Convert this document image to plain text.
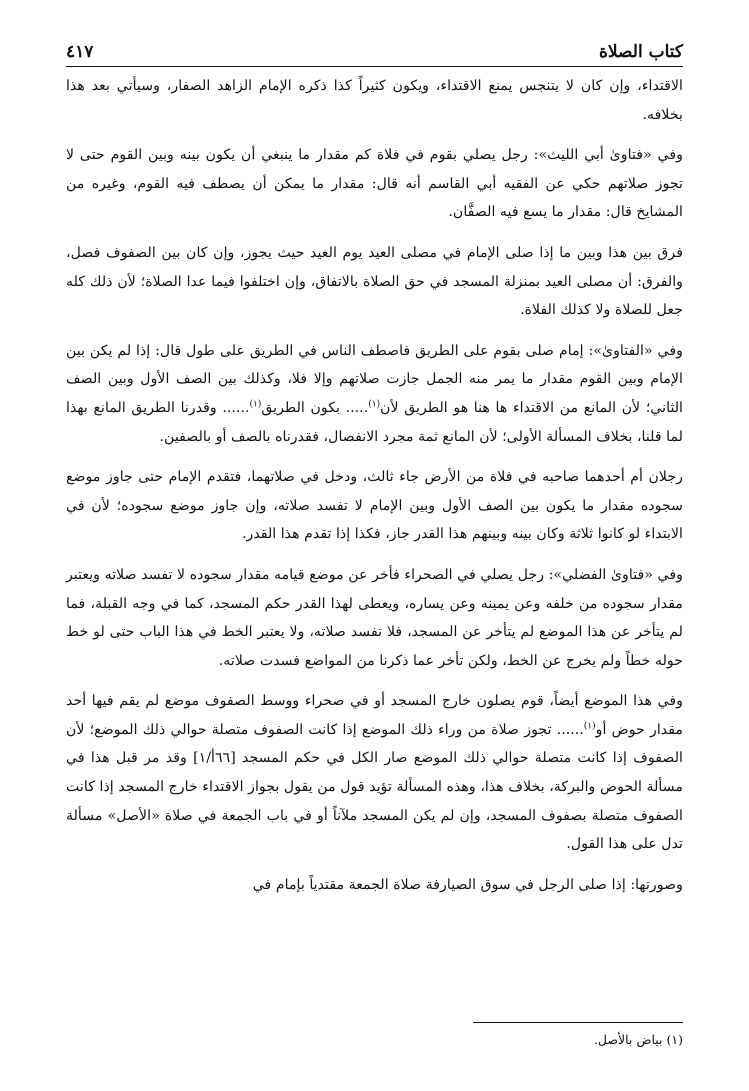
كتاب الصلاة
٤١٧

الاقتداء، وإن كان لا يتنجس يمنع الاقتداء، ويكون كثيراً كذا ذكره الإمام الزاهد الصفار، وسيأتي بعد هذا بخلافه.

وفي «فتاوىٰ أبي الليث»: رجل يصلي بقوم في فلاة كم مقدار ما ينبغي أن يكون بينه وبين القوم حتى لا تجوز صلاتهم حكي عن الفقيه أبي القاسم أنه قال: مقدار ما يمكن أن يصطف فيه القوم، وغيره من المشايخ قال: مقدار ما يسع فيه الصفَّان.

فرق بين هذا وبين ما إذا صلى الإمام في مصلى العيد يوم العيد حيث يجوز، وإن كان بين الصفوف فصل، والفرق: أن مصلى العيد بمنزلة المسجد في حق الصلاة بالاتفاق، وإن اختلفوا فيما عدا الصلاة؛ لأن ذلك كله جعل للصلاة ولا كذلك الفلاة.

وفي «الفتاوىٰ»: إمام صلى بقوم على الطريق فاصطف الناس في الطريق على طول قال: إذا لم يكن بين الإمام وبين القوم مقدار ما يمر منه الجمل جازت صلاتهم وإلا فلا، وكذلك بين الصف الأول وبين الصف الثاني؛ لأن المانع من الاقتداء ها هنا هو الطريق لأن$^{(١)}$..... بكون الطريق$^{(١)}$...... وقدرنا الطريق المانع بهذا لما قلنا، بخلاف المسألة الأولى؛ لأن المانع ثمة مجرد الانفصال، فقدرناه بالصف أو بالصفين.

رجلان أم أحدهما صاحبه في فلاة من الأرض جاء ثالث، ودخل في صلاتهما، فتقدم الإمام حتى جاوز موضع سجوده مقدار ما يكون بين الصف الأول وبين الإمام لا تفسد صلاته، وإن جاوز موضع سجوده؛ لأن في الابتداء لو كانوا ثلاثة وكان بينه وبينهم هذا القدر جاز، فكذا إذا تقدم هذا القدر.

وفي «فتاوىٰ الفضلي»: رجل يصلي في الصحراء فأخر عن موضع قيامه مقدار سجوده لا تفسد صلاته ويعتبر مقدار سجوده من خلفه وعن يمينه وعن يساره، ويعطى لهذا القدر حكم المسجد، كما في وجه القبلة، فما لم يتأخر عن هذا الموضع لم يتأخر عن المسجد، فلا تفسد صلاته، ولا يعتبر الخط في هذا الباب حتى لو خط حوله خطاً ولم يخرج عن الخط، ولكن تأخر عما ذكرنا من المواضع فسدت صلاته.

وفي هذا الموضع أيضاً، قوم يصلون خارج المسجد أو في صحراء ووسط الصفوف موضع لم يقم فيها أحد مقدار حوض أو$^{(١)}$...... تجوز صلاة من وراء ذلك الموضع إذا كانت الصفوف متصلة حوالي ذلك الموضع؛ لأن الصفوف إذا كانت متصلة حوالي ذلك الموضع صار الكل في حكم المسجد [٦٦أ/١] وقد مر قبل هذا في مسألة الحوض والبركة، بخلاف هذا، وهذه المسألة تؤيد قول من يقول بجواز الاقتداء خارج المسجد إذا كانت الصفوف متصلة بصفوف المسجد، وإن لم يكن المسجد ملآناً أو في باب الجمعة في صلاة «الأصل» مسألة تدل على هذا القول.

وصورتها: إذا صلى الرجل في سوق الصيارفة صلاة الجمعة مقتدياً بإمام في

(١) بياض بالأصل.
